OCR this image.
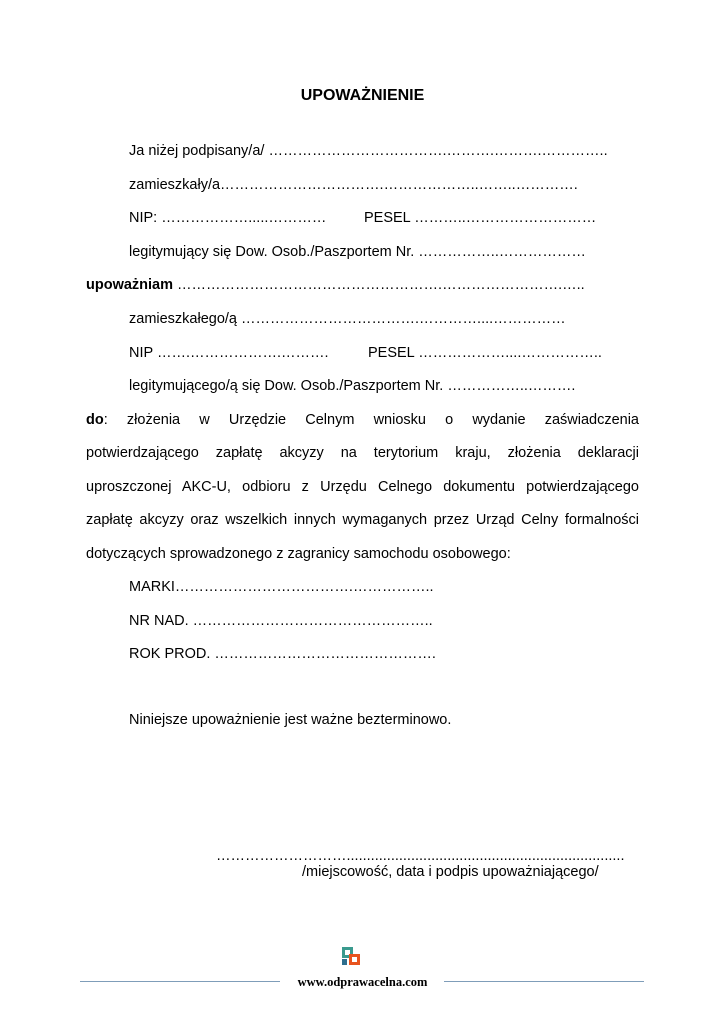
UPOWAŻNIENIE
Ja niżej podpisany/a/ ……………………………….……….……….…………..
zamieszkały/a…………………………….………………..……..………….
NIP: ……………….....…………	PESEL ………..………………………
legitymujący się Dow. Osob./Paszportem Nr. ……………..………………
upoważniam ……………………………………………….…………………….…..
zamieszkałego/ą ……………………………….…………....……………
NIP …….……………….……….	PESEL ………………....……………..
legitymującego/ą się Dow. Osob./Paszportem Nr. ……………..……….
do: złożenia w Urzędzie Celnym wniosku o wydanie zaświadczenia
potwierdzającego zapłatę akcyzy na terytorium kraju, złożenia deklaracji
uproszczonej AKC-U, odbioru z Urzędu Celnego dokumentu potwierdzającego
zapłatę akcyzy oraz wszelkich innych wymaganych przez Urząd Celny formalności
dotyczących sprowadzonego z zagranicy samochodu osobowego:
MARKI……………………………….……………..
NR NAD. …………………………………………..
ROK PROD. ……………………………………….
Niniejsze upoważnienie jest ważne bezterminowo.
……………………….....................................................................
/miejscowość, data i podpis upoważniającego/
www.odprawacelna.com
